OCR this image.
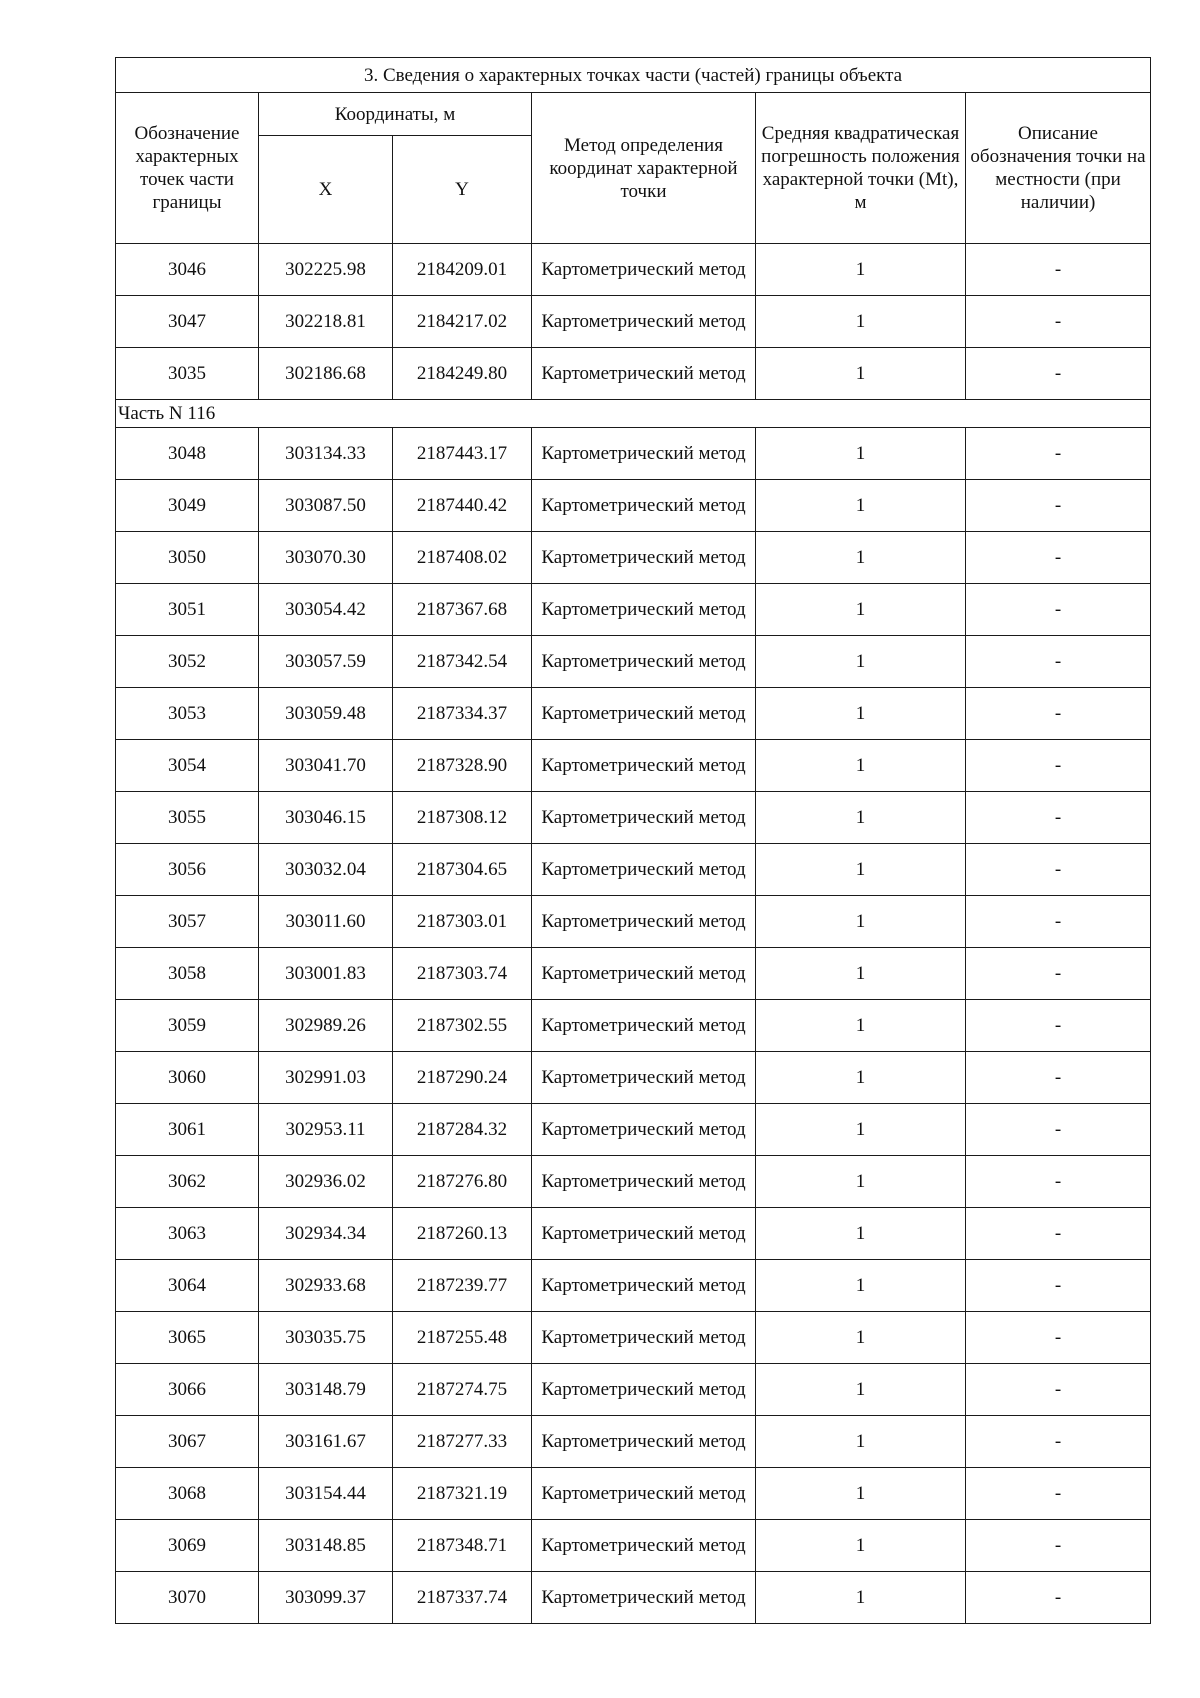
3. Сведения о характерных точках части (частей) границы объекта					
Обозначение характерных точек части границы	Координаты, м		Метод определения координат характерной точки	Средняя квадратическая погрешность положения характерной точки (Mt), м	Описание обозначения точки на местности (при наличии)
	X	Y			
3046	302225.98	2184209.01	Картометрический метод	1	-
3047	302218.81	2184217.02	Картометрический метод	1	-
3035	302186.68	2184249.80	Картометрический метод	1	-
Часть N 116					
3048	303134.33	2187443.17	Картометрический метод	1	-
3049	303087.50	2187440.42	Картометрический метод	1	-
3050	303070.30	2187408.02	Картометрический метод	1	-
3051	303054.42	2187367.68	Картометрический метод	1	-
3052	303057.59	2187342.54	Картометрический метод	1	-
3053	303059.48	2187334.37	Картометрический метод	1	-
3054	303041.70	2187328.90	Картометрический метод	1	-
3055	303046.15	2187308.12	Картометрический метод	1	-
3056	303032.04	2187304.65	Картометрический метод	1	-
3057	303011.60	2187303.01	Картометрический метод	1	-
3058	303001.83	2187303.74	Картометрический метод	1	-
3059	302989.26	2187302.55	Картометрический метод	1	-
3060	302991.03	2187290.24	Картометрический метод	1	-
3061	302953.11	2187284.32	Картометрический метод	1	-
3062	302936.02	2187276.80	Картометрический метод	1	-
3063	302934.34	2187260.13	Картометрический метод	1	-
3064	302933.68	2187239.77	Картометрический метод	1	-
3065	303035.75	2187255.48	Картометрический метод	1	-
3066	303148.79	2187274.75	Картометрический метод	1	-
3067	303161.67	2187277.33	Картометрический метод	1	-
3068	303154.44	2187321.19	Картометрический метод	1	-
3069	303148.85	2187348.71	Картометрический метод	1	-
3070	303099.37	2187337.74	Картометрический метод	1	-
